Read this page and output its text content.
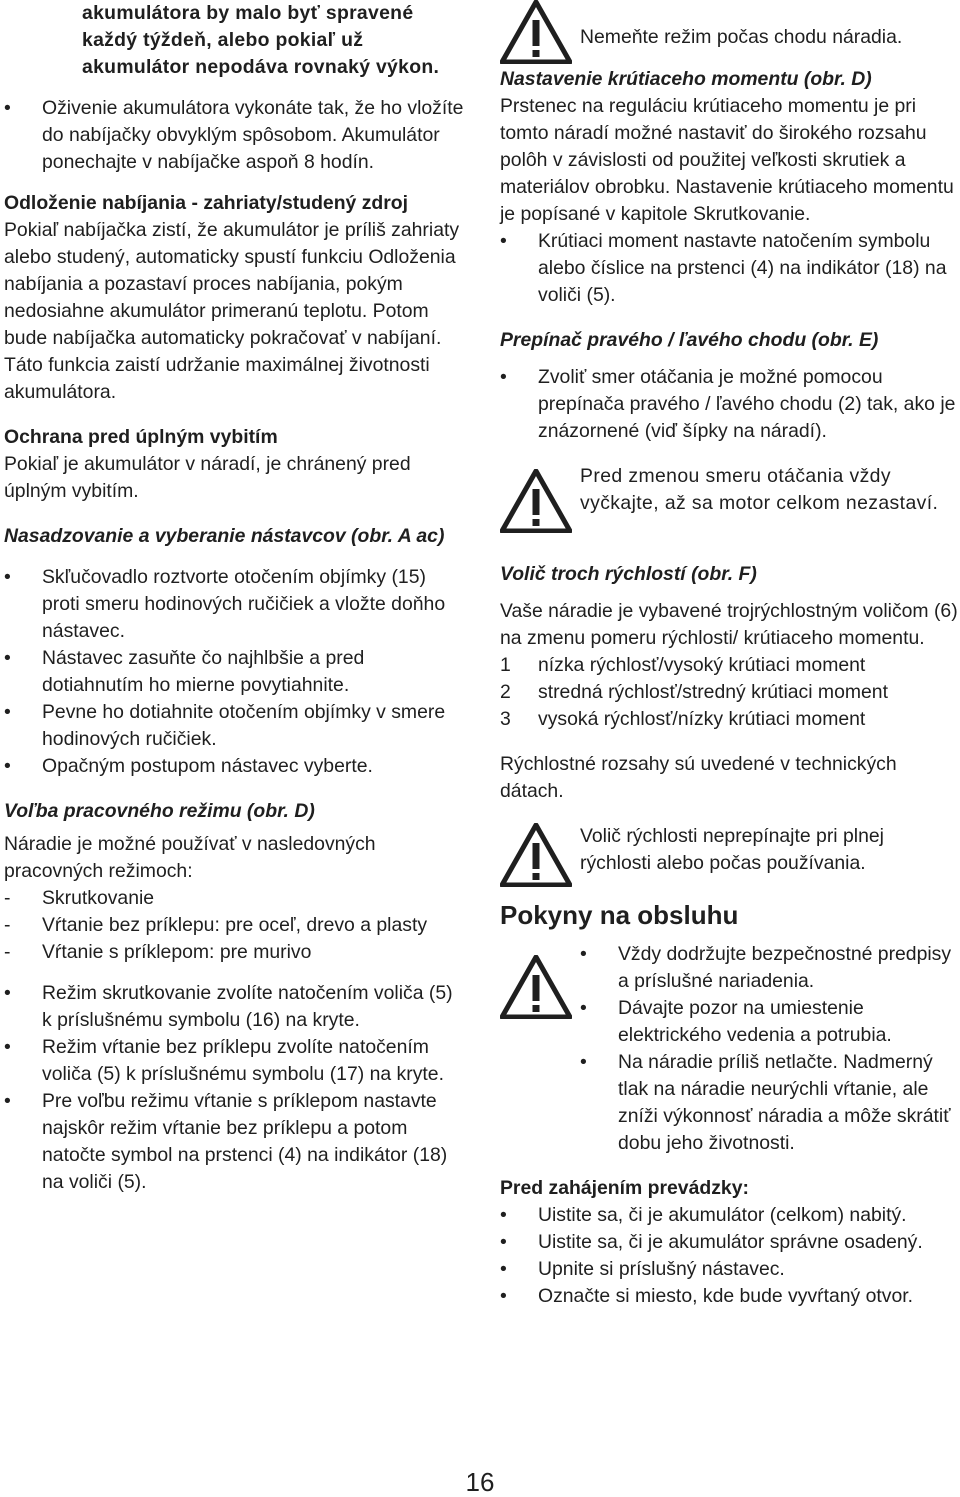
akumulátora by malo byť spravené každý týždeň, alebo pokiaľ už akumulátor nepodáva rovnaký výkon.

• Oživenie akumulátora vykonáte tak, že ho vložíte do nabíjačky obvyklým spôsobom. Akumulátor ponechajte v nabíjačke aspoň 8 hodín.

Odloženie nabíjania - zahriaty/studený zdroj

Pokiaľ nabíjačka zistí, že akumulátor je príliš zahriaty alebo studený, automaticky spustí funkciu Odloženia nabíjania a pozastaví proces nabíjania, pokým nedosiahne akumulátor primeranú teplotu. Potom bude nabíjačka automaticky pokračovať v nabíjaní. Táto funkcia zaistí udržanie maximálnej životnosti akumulátora.

Ochrana pred úplným vybitím

Pokiaľ je akumulátor v náradí, je chránený pred úplným vybitím.

Nasadzovanie a vyberanie nástavcov (obr. A ac)

• Skľučovadlo roztvorte otočením objímky (15) proti smeru hodinových ručičiek a vložte doňho nástavec.
• Nástavec zasuňte čo najhlbšie a pred dotiahnutím ho mierne povytiahnite.
• Pevne ho dotiahnite otočením objímky v smere hodinových ručičiek.
• Opačným postupom nástavec vyberte.

Voľba pracovného režimu (obr. D)

Náradie je možné používať v nasledovných pracovných režimoch:

- Skrutkovanie
- Vŕtanie bez príklepu: pre oceľ, drevo a plasty
- Vŕtanie s príklepom: pre murivo
• Režim skrutkovanie zvolíte natočením voliča (5) k príslušnému symbolu (16) na kryte.
• Režim vŕtanie bez príklepu zvolíte natočením voliča (5) k príslušnému symbolu (17) na kryte.
• Pre voľbu režimu vŕtanie s príklepom nastavte najskôr režim vŕtanie bez príklepu a potom natočte symbol na prstenci (4) na indikátor (18) na voliči (5).

Nemeňte režim počas chodu náradia.

Nastavenie krútiaceho momentu (obr. D)

Prstenec na reguláciu krútiaceho momentu je pri tomto náradí možné nastaviť do širokého rozsahu polôh v závislosti od použitej veľkosti skrutiek a materiálov obrobku. Nastavenie krútiaceho momentu je popísané v kapitole Skrutkovanie.

• Krútiaci moment nastavte natočením symbolu alebo číslice na prstenci (4) na indikátor (18) na voliči (5).

Prepínač pravého / ľavého chodu (obr. E)

• Zvoliť smer otáčania je možné pomocou prepínača pravého / ľavého chodu (2) tak, ako je znázornené (viď šípky na náradí).

Pred zmenou smeru otáčania vždy vyčkajte, až sa motor celkom nezastaví.

Volič troch rýchlostí (obr. F)

Vaše náradie je vybavené trojrýchlostným voličom (6) na zmenu pomeru rýchlosti/ krútiaceho momentu.

1 nízka rýchlosť/vysoký krútiaci moment
2 stredná rýchlosť/stredný krútiaci moment
3 vysoká rýchlosť/nízky krútiaci moment

Rýchlostné rozsahy sú uvedené v technických dátach.

Volič rýchlosti neprepínajte pri plnej rýchlosti alebo počas používania.

Pokyny na obsluhu

• Vždy dodržujte bezpečnostné predpisy a príslušné nariadenia.
• Dávajte pozor na umiestenie elektrického vedenia a potrubia.
• Na náradie príliš netlačte. Nadmerný tlak na náradie neurýchli vŕtanie, ale zníži výkonnosť náradia a môže skrátiť dobu jeho životnosti.

Pred zahájením prevádzky:

• Uistite sa, či je akumulátor (celkom) nabitý.
• Uistite sa, či je akumulátor správne osadený.
• Upnite si príslušný nástavec.
• Označte si miesto, kde bude vyvŕtaný otvor.
16
